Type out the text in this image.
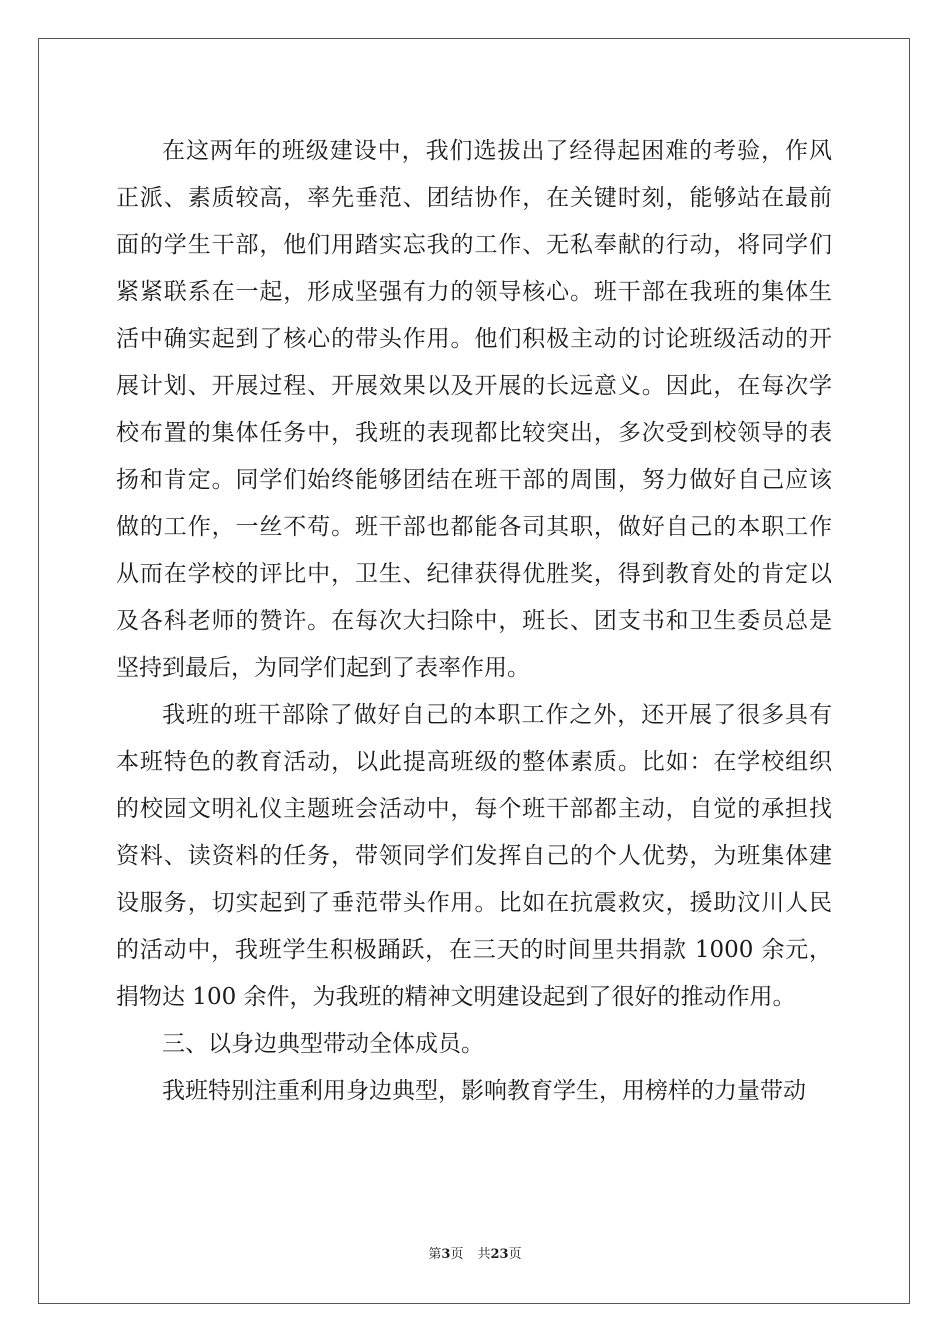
在这两年的班级建设中，我们选拔出了经得起困难的考验，作风
正派、素质较高，率先垂范、团结协作，在关键时刻，能够站在最前
面的学生干部，他们用踏实忘我的工作、无私奉献的行动，将同学们
紧紧联系在一起，形成坚强有力的领导核心。班干部在我班的集体生
活中确实起到了核心的带头作用。他们积极主动的讨论班级活动的开
展计划、开展过程、开展效果以及开展的长远意义。因此，在每次学
校布置的集体任务中，我班的表现都比较突出，多次受到校领导的表
扬和肯定。同学们始终能够团结在班干部的周围，努力做好自己应该
做的工作，一丝不苟。班干部也都能各司其职，做好自己的本职工作
从而在学校的评比中，卫生、纪律获得优胜奖，得到教育处的肯定以
及各科老师的赞许。在每次大扫除中，班长、团支书和卫生委员总是
坚持到最后，为同学们起到了表率作用。
我班的班干部除了做好自己的本职工作之外，还开展了很多具有
本班特色的教育活动，以此提高班级的整体素质。比如：在学校组织
的校园文明礼仪主题班会活动中，每个班干部都主动，自觉的承担找
资料、读资料的任务，带领同学们发挥自己的个人优势，为班集体建
设服务，切实起到了垂范带头作用。比如在抗震救灾，援助汶川人民
的活动中，我班学生积极踊跃，在三天的时间里共捐款 1000 余元，
捐物达 100 余件，为我班的精神文明建设起到了很好的推动作用。
三、以身边典型带动全体成员。
我班特别注重利用身边典型，影响教育学生，用榜样的力量带动
第3页 共23页
